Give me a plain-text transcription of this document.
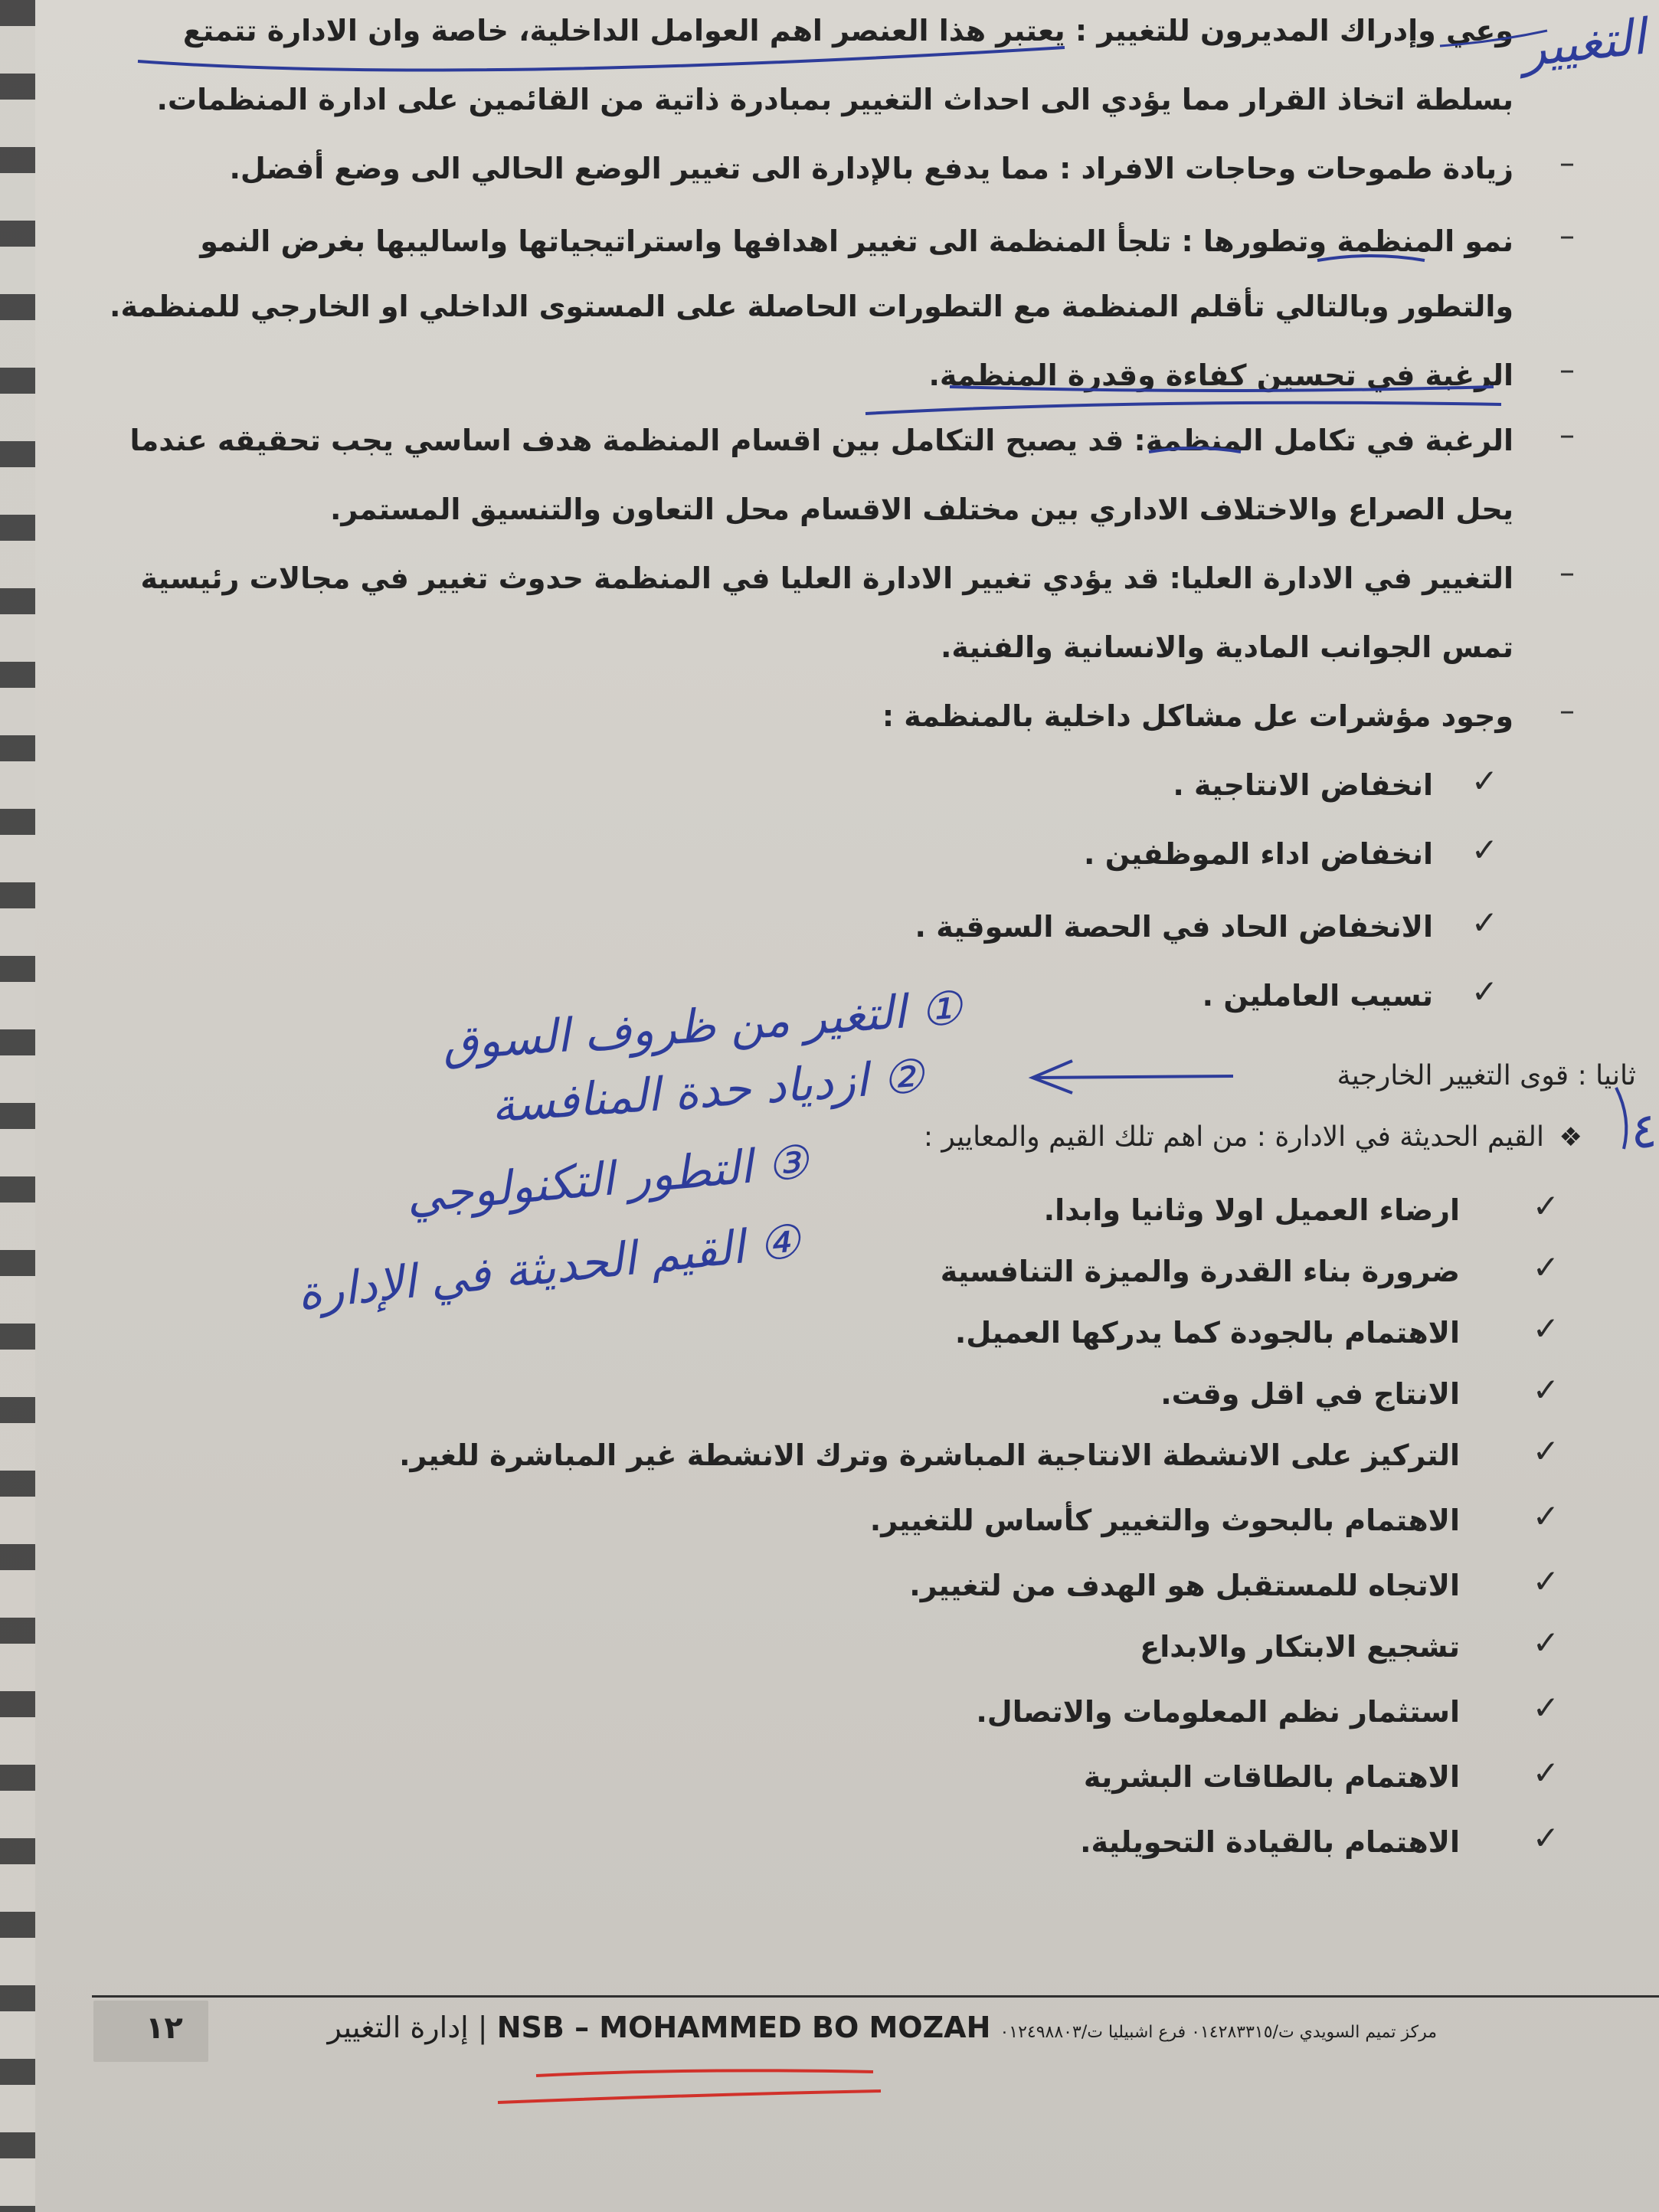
التغيير
وعي وإدراك المديرون للتغيير : يعتبر هذا العنصر اهم العوامل الداخلية، خاصة وان الادارة تتمتع
بسلطة اتخاذ القرار مما يؤدي الى احداث التغيير بمبادرة ذاتية من القائمين على ادارة المنظمات.
–
زيادة طموحات وحاجات الافراد : مما يدفع بالإدارة الى تغيير الوضع الحالي الى وضع أفضل.
–
نمو المنظمة وتطورها : تلجأ المنظمة الى تغيير اهدافها واستراتيجياتها واساليبها بغرض النمو
والتطور وبالتالي تأقلم المنظمة مع التطورات الحاصلة على المستوى الداخلي او الخارجي للمنظمة.
–
الرغبة في تحسين كفاءة وقدرة المنظمة.
–
الرغبة في تكامل المنظمة: قد يصبح التكامل بين اقسام المنظمة هدف اساسي يجب تحقيقه عندما
يحل الصراع والاختلاف الاداري بين مختلف الاقسام محل التعاون والتنسيق المستمر.
–
التغيير في الادارة العليا: قد يؤدي تغيير الادارة العليا في المنظمة حدوث تغيير في مجالات رئيسية
تمس الجوانب المادية والانسانية والفنية.
–
وجود مؤشرات عل مشاكل داخلية بالمنظمة :
✓
انخفاض الانتاجية .
✓
انخفاض اداء الموظفين .
✓
الانخفاض الحاد في الحصة السوقية .
✓
تسيب العاملين .
ثانيا : قوى التغيير الخارجية
٤
❖
القيم الحديثة في الادارة : من اهم تلك القيم والمعايير :
① التغير من ظروف السوق
② ازدياد حدة المنافسة
③ التطور التكنولوجي
④ القيم الحديثة في الإدارة
✓
ارضاء العميل اولا وثانيا وابدا.
✓
ضرورة بناء القدرة والميزة التنافسية
✓
الاهتمام بالجودة كما يدركها العميل.
✓
الانتاج في اقل وقت.
✓
التركيز على الانشطة الانتاجية المباشرة وترك الانشطة غير المباشرة للغير.
✓
الاهتمام بالبحوث والتغيير كأساس للتغيير.
✓
الاتجاه للمستقبل هو الهدف من لتغيير.
✓
تشجيع الابتكار والابداع
✓
استثمار نظم المعلومات والاتصال.
✓
الاهتمام بالطاقات البشرية
✓
الاهتمام بالقيادة التحويلية.
١٢	مركز تميم السويدي ت/٠١٤٢٨٣٣١٥ فرع اشبيليا ت/٠١٢٤٩٨٨٠٣ NSB – MOHAMMED BO MOZAH | إدارة التغيير
